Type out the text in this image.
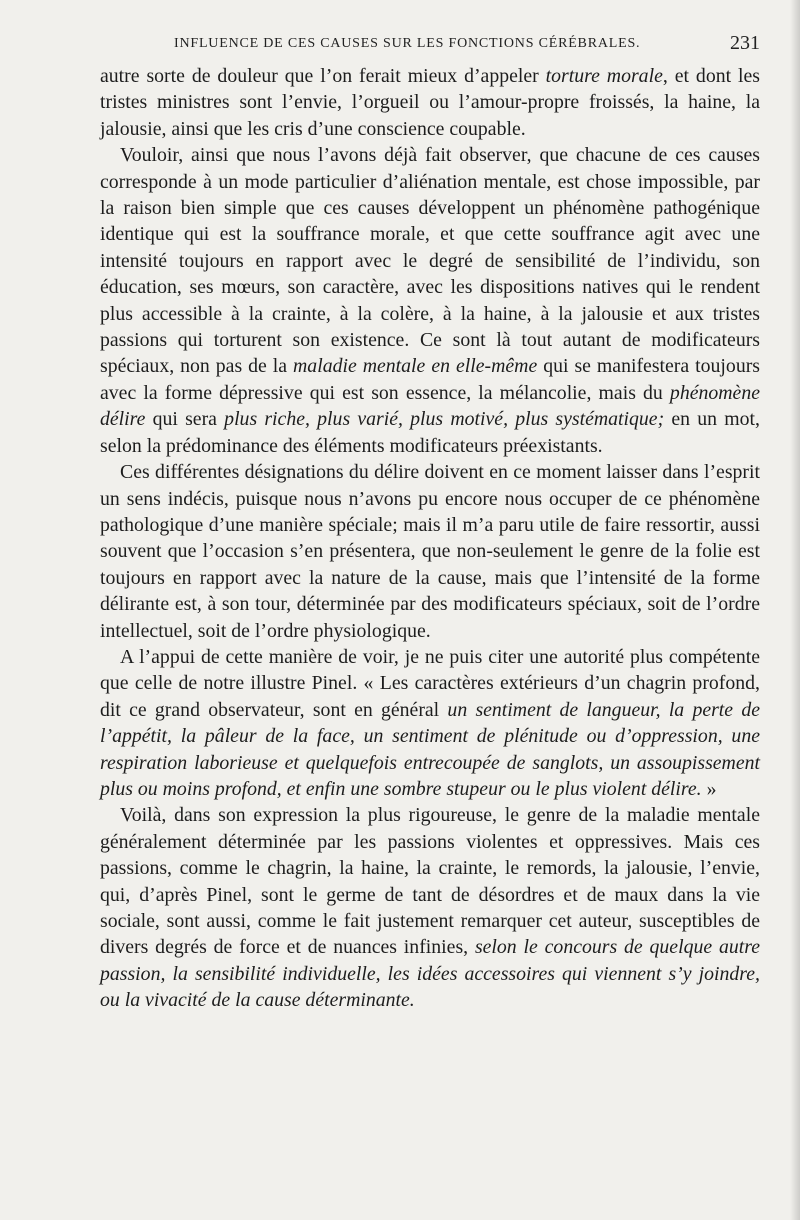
INFLUENCE DE CES CAUSES SUR LES FONCTIONS CÉRÉBRALES.	231

autre sorte de douleur que l’on ferait mieux d’appeler torture morale, et dont les tristes ministres sont l’envie, l’orgueil ou l’amour-propre froissés, la haine, la jalousie, ainsi que les cris d’une conscience coupable.

Vouloir, ainsi que nous l’avons déjà fait observer, que chacune de ces causes corresponde à un mode particulier d’aliénation mentale, est chose impossible, par la raison bien simple que ces causes développent un phénomène pathogénique identique qui est la souffrance morale, et que cette souffrance agit avec une intensité toujours en rapport avec le degré de sensibilité de l’individu, son éducation, ses mœurs, son caractère, avec les dispositions natives qui le rendent plus accessible à la crainte, à la colère, à la haine, à la jalousie et aux tristes passions qui torturent son existence. Ce sont là tout autant de modificateurs spéciaux, non pas de la maladie mentale en elle-même qui se manifestera toujours avec la forme dépressive qui est son essence, la mélancolie, mais du phénomène délire qui sera plus riche, plus varié, plus motivé, plus systématique; en un mot, selon la prédominance des éléments modificateurs préexistants.

Ces différentes désignations du délire doivent en ce moment laisser dans l’esprit un sens indécis, puisque nous n’avons pu encore nous occuper de ce phénomène pathologique d’une manière spéciale; mais il m’a paru utile de faire ressortir, aussi souvent que l’occasion s’en présentera, que non-seulement le genre de la folie est toujours en rapport avec la nature de la cause, mais que l’intensité de la forme délirante est, à son tour, déterminée par des modificateurs spéciaux, soit de l’ordre intellectuel, soit de l’ordre physiologique.

A l’appui de cette manière de voir, je ne puis citer une autorité plus compétente que celle de notre illustre Pinel. « Les caractères extérieurs d’un chagrin profond, dit ce grand observateur, sont en général un sentiment de langueur, la perte de l’appétit, la pâleur de la face, un sentiment de plénitude ou d’oppression, une respiration laborieuse et quelquefois entrecoupée de sanglots, un assoupissement plus ou moins profond, et enfin une sombre stupeur ou le plus violent délire. »

Voilà, dans son expression la plus rigoureuse, le genre de la maladie mentale généralement déterminée par les passions violentes et oppressives. Mais ces passions, comme le chagrin, la haine, la crainte, le remords, la jalousie, l’envie, qui, d’après Pinel, sont le germe de tant de désordres et de maux dans la vie sociale, sont aussi, comme le fait justement remarquer cet auteur, susceptibles de divers degrés de force et de nuances infinies, selon le concours de quelque autre passion, la sensibilité individuelle, les idées accessoires qui viennent s’y joindre, ou la vivacité de la cause déterminante.
